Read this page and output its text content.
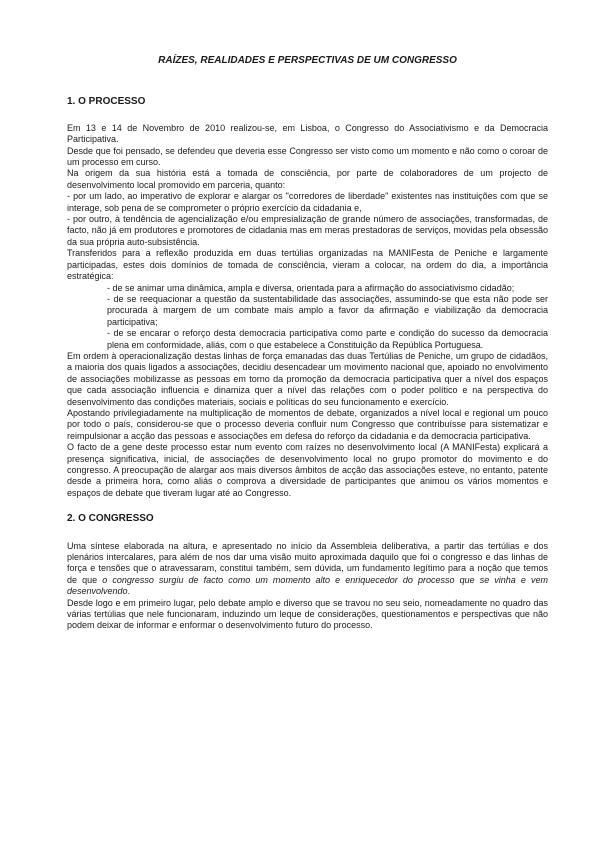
RAÍZES, REALIDADES E PERSPECTIVAS DE UM CONGRESSO
1. O PROCESSO

Em 13 e 14 de Novembro de 2010 realizou-se, em Lisboa, o Congresso do Associativismo e da Democracia Participativa.

Desde que foi pensado, se defendeu que deveria esse Congresso ser visto como um momento e não como o coroar de um processo em curso.

Na origem da sua história está a tomada de consciência, por parte de colaboradores de um projecto de desenvolvimento local promovido em parceria, quanto:

- por um lado, ao imperativo de explorar e alargar os "corredores de liberdade" existentes nas instituições com que se interage, sob pena de se comprometer o próprio exercício da cidadania e,

- por outro, à tendência de agencialização e/ou empresialização de grande número de associações, transformadas, de facto, não já em produtores e promotores de cidadania mas em meras prestadoras de serviços, movidas pela obsessão da sua própria auto-subsistência.

Transferidos para a reflexão produzida em duas tertúlias organizadas na MANIFesta de Peniche e largamente participadas, estes dois domínios de tomada de consciência, vieram a colocar, na ordem do dia, a importância estratégica:

- de se animar uma dinâmica, ampla e diversa, orientada para a afirmação do associativismo cidadão;

- de se reequacionar a questão da sustentabilidade das associações, assumindo-se que esta não pode ser procurada à margem de um combate mais amplo a favor da afirmação e viabilização da democracia participativa;

- de se encarar o reforço desta democracia participativa como parte e condição do sucesso da democracia plena em conformidade, aliás, com o que estabelece a Constituição da República Portuguesa.

Em ordem à operacionalização destas linhas de força emanadas das duas Tertúlias de Peniche, um grupo de cidadãos, a maioria dos quais ligados a associações, decidiu desencadear um movimento nacional que, apoiado no envolvimento de associações mobilizasse as pessoas em torno da promoção da democracia participativa quer a nível dos espaços que cada associação influencia e dinamiza quer a nível das relações com o poder político e na perspectiva do desenvolvimento das condições materiais, sociais e políticas do seu funcionamento e exercício.

Apostando privilegiadamente na multiplicação de momentos de debate, organizados a nível local e regional um pouco por todo o país, considerou-se que o processo deveria confluir num Congresso que contribuísse para sistematizar e reimpulsionar a acção das pessoas e associações em defesa do reforço da cidadania e da democracia participativa.

O facto de a gene deste processo estar num evento com raízes no desenvolvimento local (A MANIFesta) explicará a presença significativa, inicial, de associações de desenvolvimento local no grupo promotor do movimento e do congresso. A preocupação de alargar aos mais diversos âmbitos de acção das associações esteve, no entanto, patente desde a primeira hora, como aliás o comprova a diversidade de participantes que animou os vários momentos e espaços de debate que tiveram lugar até ao Congresso.

2. O CONGRESSO

Uma síntese elaborada na altura, e apresentado no início da Assembleia deliberativa, a partir das tertúlias e dos plenários intercalares, para além de nos dar uma visão muito aproximada daquilo que foi o congresso e das linhas de força e tensões que o atravessaram, constitui também, sem dúvida, um fundamento legítimo para a noção que temos de que o congresso surgiu de facto como um momento alto e enriquecedor do processo que se vinha e vem desenvolvendo.

Desde logo e em primeiro lugar, pelo debate amplo e diverso que se travou no seu seio, nomeadamente no quadro das várias tertúlias que nele funcionaram, induzindo um leque de considerações, questionamentos e perspectivas que não podem deixar de informar e enformar o desenvolvimento futuro do processo.
